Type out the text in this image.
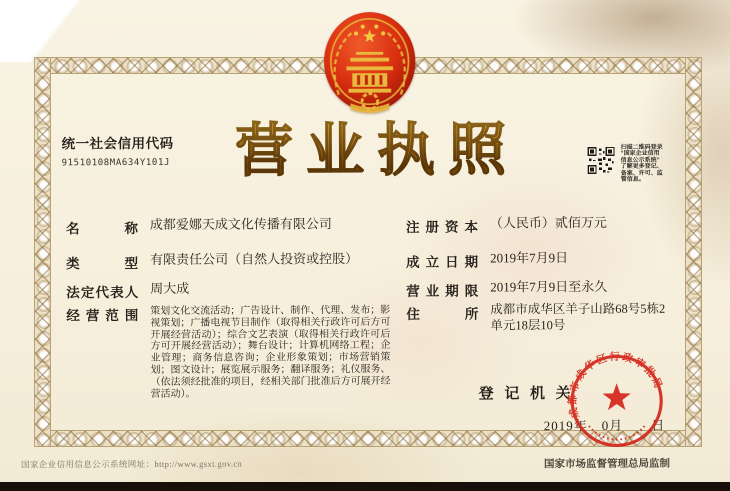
统一社会信用代码
91510108MA634Y101J	营业执照	扫描二维码登录
“国家企业信用
信息公示系统”
了解更多登记、
备案、许可、监
管信息。
名称 成都爱娜天成文化传播有限公司
类型 有限责任公司（自然人投资或控股）
法定代表人 周大成
经营范围 策划文化交流活动；广告设计、制作、代理、发布；影视策划；广播电视节目制作（取得相关行政许可后方可开展经营活动）；综合文艺表演（取得相关行政许可后方可开展经营活动）；舞台设计；计算机网络工程；企业管理；商务信息咨询；企业形象策划；市场营销策划；图文设计；展览展示服务；翻译服务；礼仪服务、（依法须经批准的项目，经相关部门批准后方可展开经营活动）。
注册资本 （人民币）贰佰万元
成立日期 2019年7月9日
营业期限 2019年7月9日至永久
住所 成都市成华区羊子山路68号5栋2单元18层10号
登记机关
2019年　0月　　日
成都市成华区行政审批局
国家企业信用信息公示系统网址：http://www.gsxt.gov.cn	国家市场监督管理总局监制
